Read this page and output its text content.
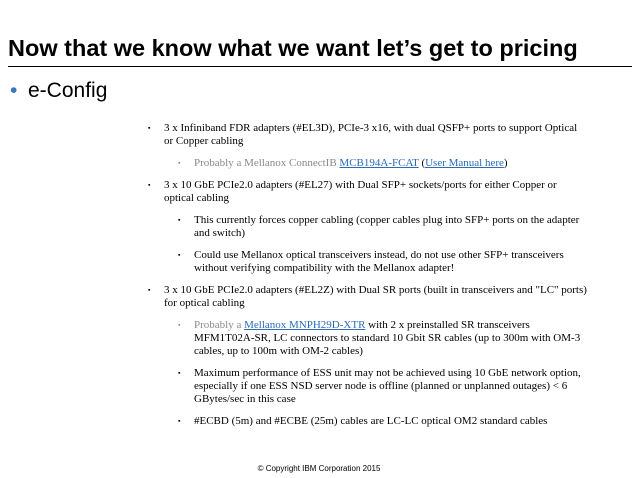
Now that we know what we want let’s get to pricing
• e-Config
▪ 3 x Infiniband FDR adapters (#EL3D), PCIe-3 x16, with dual QSFP+ ports to support Optical or Copper cabling
▪ Probably a Mellanox ConnectIB MCB194A-FCAT (User Manual here)
▪ 3 x 10 GbE PCIe2.0 adapters (#EL27) with Dual SFP+ sockets/ports for either Copper or optical cabling
▪ This currently forces copper cabling (copper cables plug into SFP+ ports on the adapter and switch)
▪ Could use Mellanox optical transceivers instead, do not use other SFP+ transceivers without verifying compatibility with the Mellanox adapter!
▪ 3 x 10 GbE PCIe2.0 adapters (#EL2Z) with Dual SR ports (built in transceivers and "LC" ports) for optical cabling
▪ Probably a Mellanox MNPH29D-XTR with 2 x preinstalled SR transceivers MFM1T02A-SR, LC connectors to standard 10 Gbit SR cables (up to 300m with OM-3 cables, up to 100m with OM-2 cables)
▪ Maximum performance of ESS unit may not be achieved using 10 GbE network option, especially if one ESS NSD server node is offline (planned or unplanned outages) < 6 GBytes/sec in this case
▪ #ECBD (5m) and #ECBE (25m) cables are LC-LC optical OM2 standard cables
© Copyright IBM Corporation 2015
